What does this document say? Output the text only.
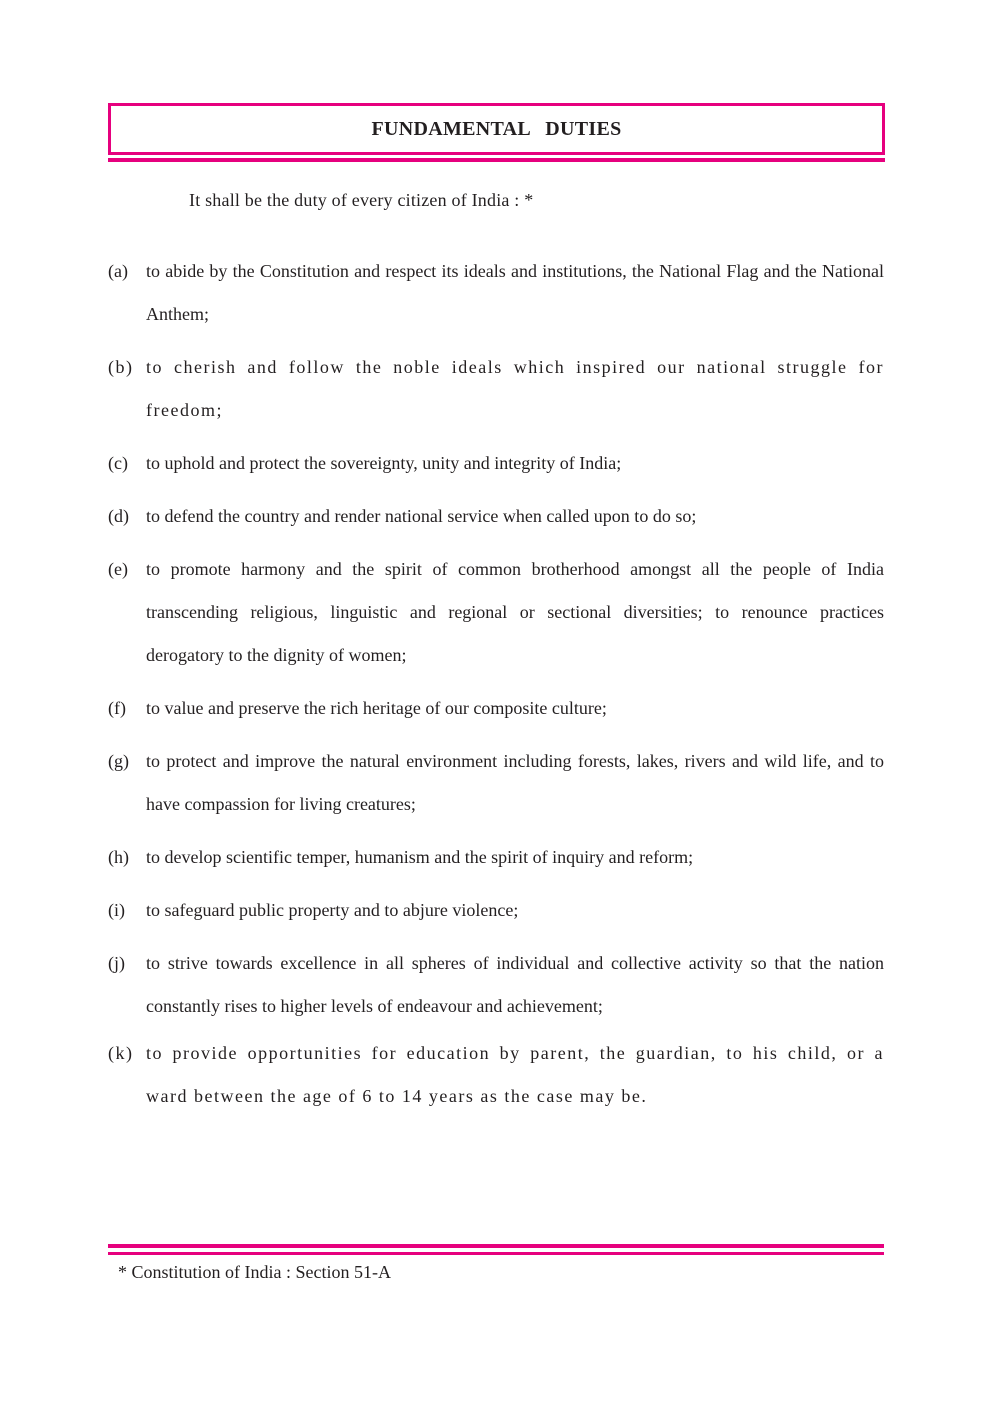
FUNDAMENTAL DUTIES
It shall be the duty of every citizen of India : *
(a)	to abide by the Constitution and respect its ideals and institutions, the National Flag and the National Anthem;
(b) to cherish and follow the noble ideals which inspired our national struggle for freedom;
(c)	to uphold and protect the sovereignty, unity and integrity of India;
(d) to defend the country and render national service when called upon to do so;
(e)	to promote harmony and the spirit of common brotherhood amongst all the people of India transcending religious, linguistic and regional or sectional diversities; to renounce practices derogatory to the dignity of women;
(f)	to value and preserve the rich heritage of our composite culture;
(g) to protect and improve the natural environment including forests, lakes, rivers and wild life, and to have compassion for living creatures;
(h) to develop scientific temper, humanism and the spirit of inquiry and reform;
(i)	to safeguard public property and to abjure violence;
(j)	to strive towards excellence in all spheres of individual and collective activity so that the nation constantly rises to higher levels of endeavour and achievement;
(k) to provide opportunities for education by parent, the guardian, to his child, or a ward between the age of 6 to 14 years as the case may be.
* Constitution of India : Section 51-A
